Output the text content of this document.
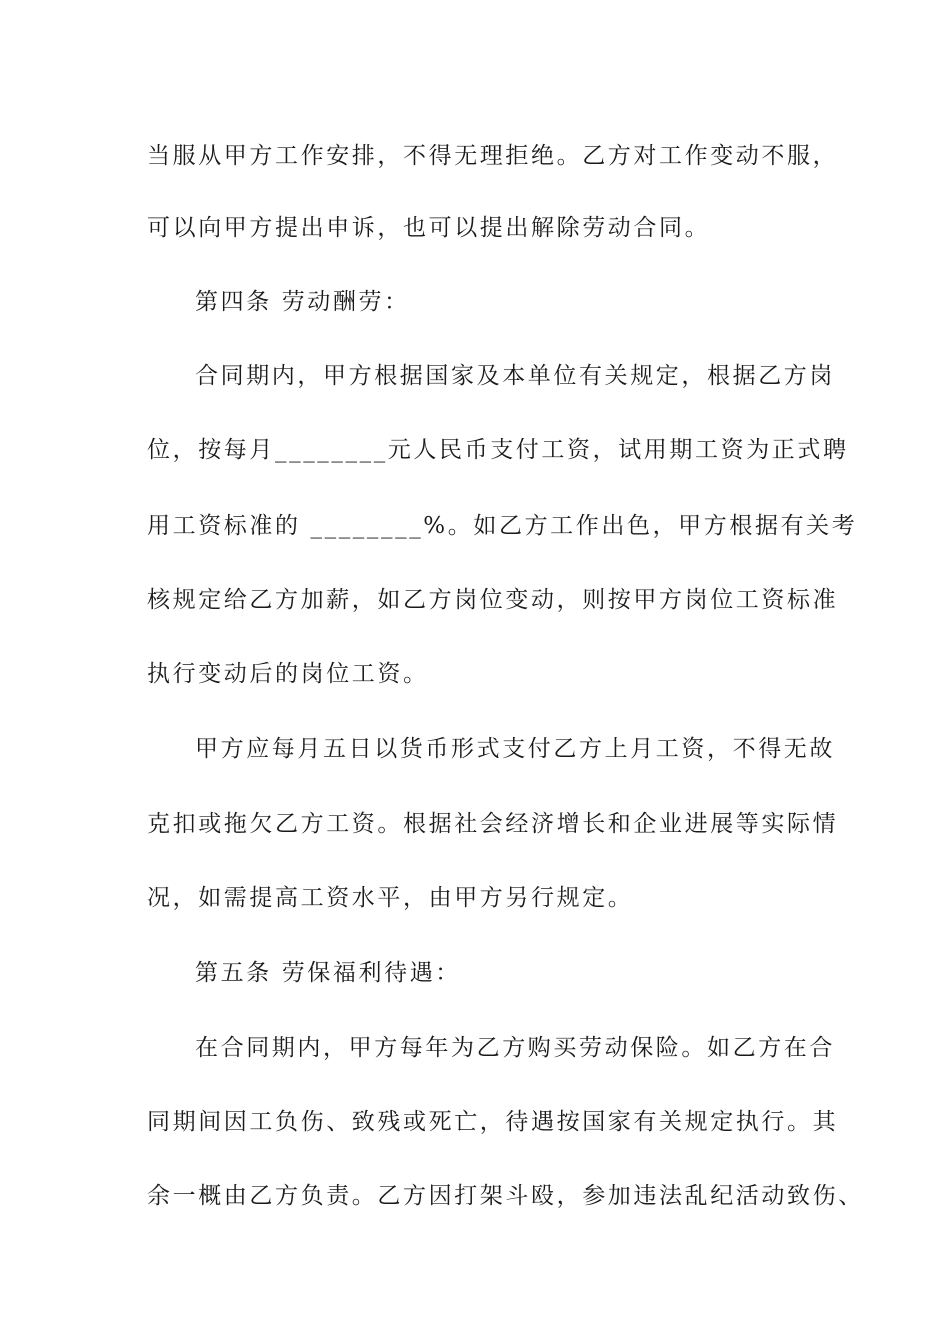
当服从甲方工作安排，不得无理拒绝。乙方对工作变动不服，
可以向甲方提出申诉，也可以提出解除劳动合同。
第四条 劳动酬劳：
合同期内，甲方根据国家及本单位有关规定，根据乙方岗
位，按每月________元人民币支付工资，试用期工资为正式聘
用工资标准的 ________%。如乙方工作出色，甲方根据有关考
核规定给乙方加薪，如乙方岗位变动，则按甲方岗位工资标准
执行变动后的岗位工资。
甲方应每月五日以货币形式支付乙方上月工资，不得无故
克扣或拖欠乙方工资。根据社会经济增长和企业进展等实际情
况，如需提高工资水平，由甲方另行规定。
第五条 劳保福利待遇：
在合同期内，甲方每年为乙方购买劳动保险。如乙方在合
同期间因工负伤、致残或死亡，待遇按国家有关规定执行。其
余一概由乙方负责。乙方因打架斗殴，参加违法乱纪活动致伤、
